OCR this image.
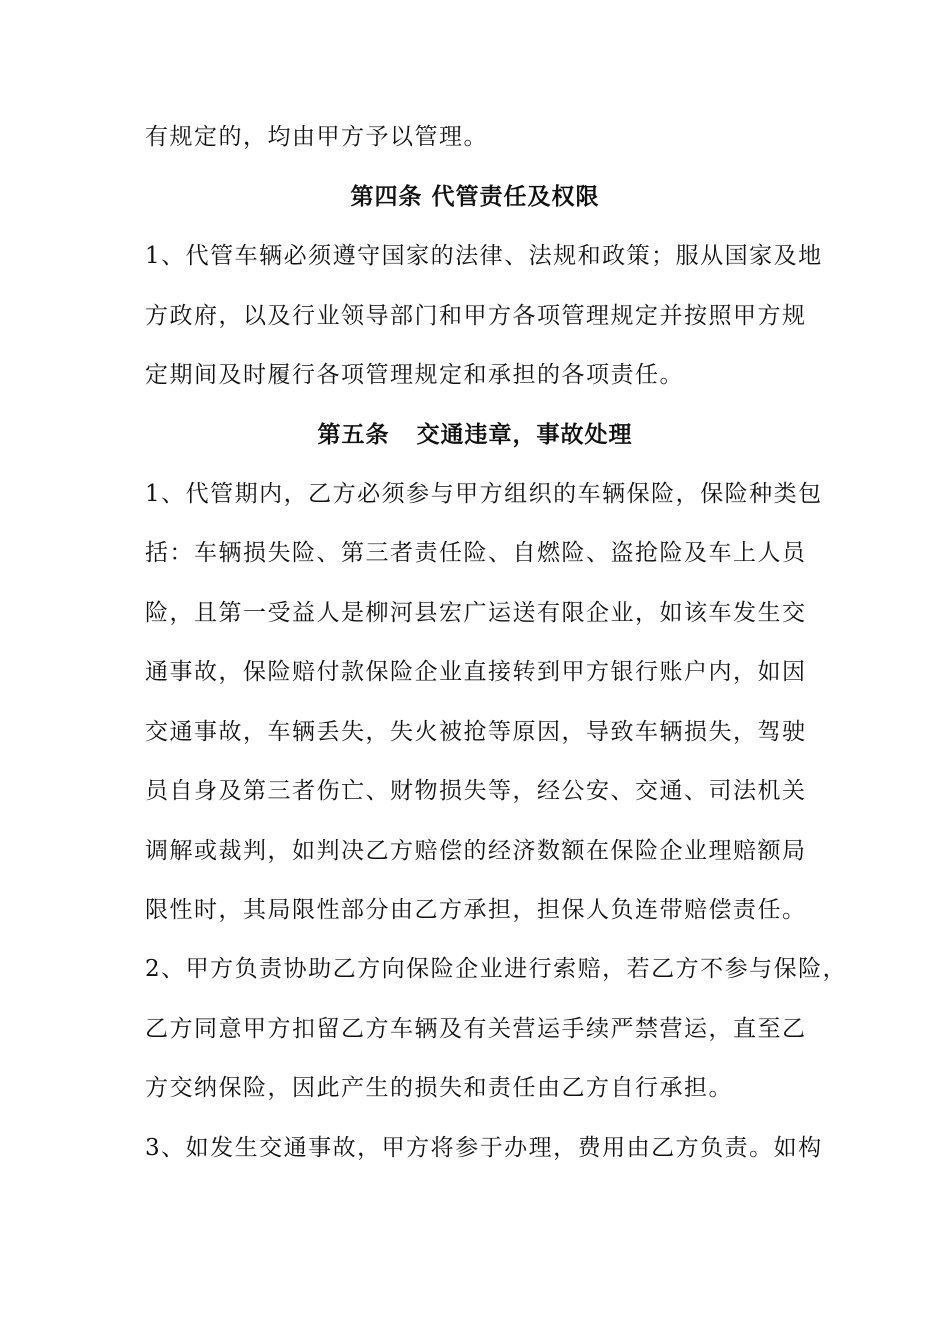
有规定的，均由甲方予以管理。
第四条 代管责任及权限
1、代管车辆必须遵守国家的法律、法规和政策；服从国家及地
方政府，以及行业领导部门和甲方各项管理规定并按照甲方规
定期间及时履行各项管理规定和承担的各项责任。
第五条   交通违章，事故处理
1、代管期内，乙方必须参与甲方组织的车辆保险，保险种类包
括：车辆损失险、第三者责任险、自燃险、盗抢险及车上人员
险，且第一受益人是柳河县宏广运送有限企业，如该车发生交
通事故，保险赔付款保险企业直接转到甲方银行账户内，如因
交通事故，车辆丢失，失火被抢等原因，导致车辆损失，驾驶
员自身及第三者伤亡、财物损失等，经公安、交通、司法机关
调解或裁判，如判决乙方赔偿的经济数额在保险企业理赔额局
限性时，其局限性部分由乙方承担，担保人负连带赔偿责任。
2、甲方负责协助乙方向保险企业进行索赔，若乙方不参与保险，
乙方同意甲方扣留乙方车辆及有关营运手续严禁营运，直至乙
方交纳保险，因此产生的损失和责任由乙方自行承担。
3、如发生交通事故，甲方将参于办理，费用由乙方负责。如构
